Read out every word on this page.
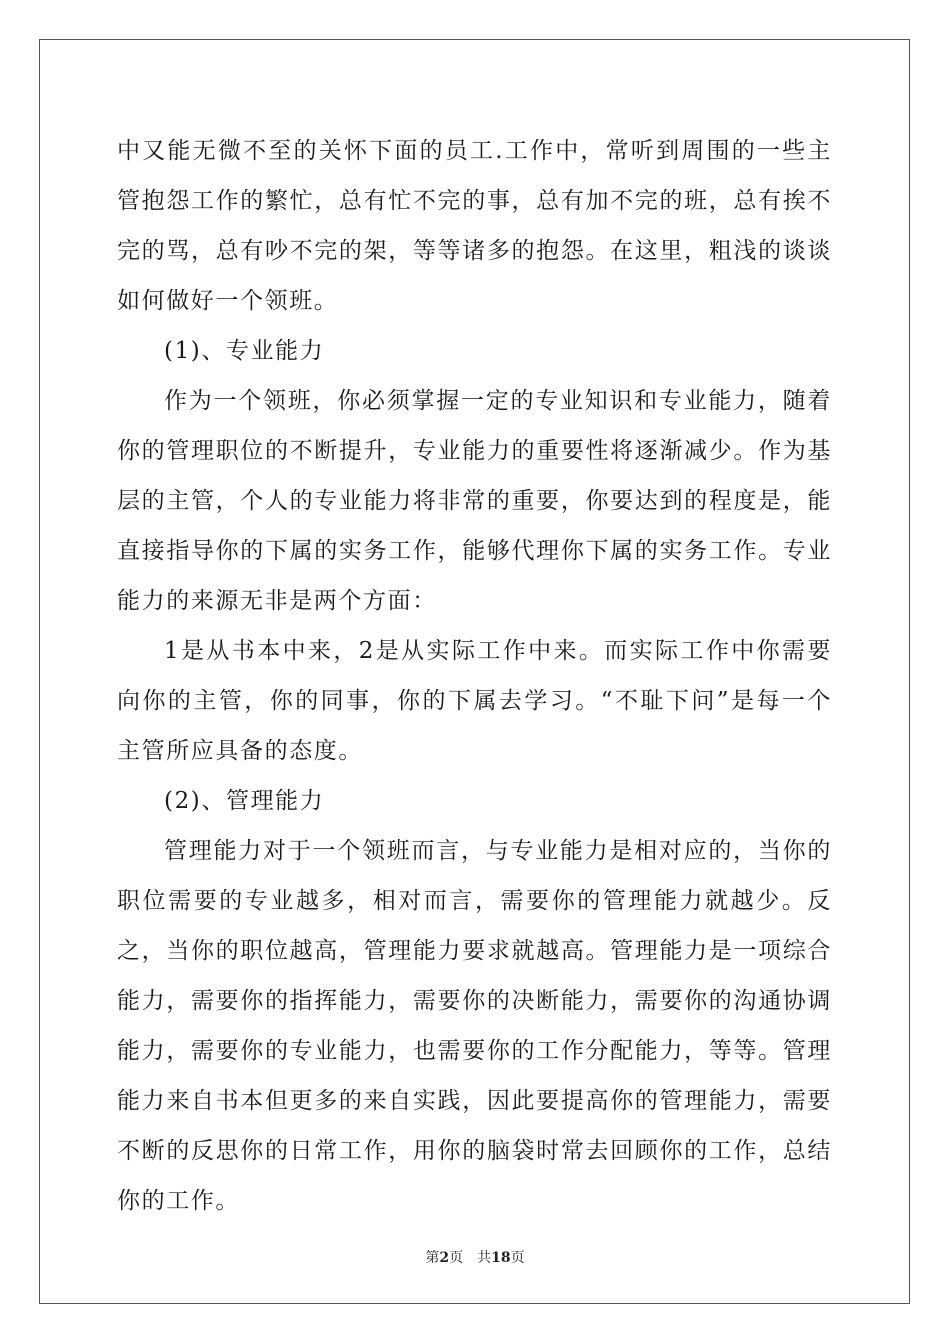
中又能无微不至的关怀下面的员工.工作中，常听到周围的一些主管抱怨工作的繁忙，总有忙不完的事，总有加不完的班，总有挨不完的骂，总有吵不完的架，等等诸多的抱怨。在这里，粗浅的谈谈如何做好一个领班。

(1)、专业能力

作为一个领班，你必须掌握一定的专业知识和专业能力，随着你的管理职位的不断提升，专业能力的重要性将逐渐减少。作为基层的主管，个人的专业能力将非常的重要，你要达到的程度是，能直接指导你的下属的实务工作，能够代理你下属的实务工作。专业能力的来源无非是两个方面：

1是从书本中来，2是从实际工作中来。而实际工作中你需要向你的主管，你的同事，你的下属去学习。“不耻下问”是每一个主管所应具备的态度。

(2)、管理能力

管理能力对于一个领班而言，与专业能力是相对应的，当你的职位需要的专业越多，相对而言，需要你的管理能力就越少。反之，当你的职位越高，管理能力要求就越高。管理能力是一项综合能力，需要你的指挥能力，需要你的决断能力，需要你的沟通协调能力，需要你的专业能力，也需要你的工作分配能力，等等。管理能力来自书本但更多的来自实践，因此要提高你的管理能力，需要不断的反思你的日常工作，用你的脑袋时常去回顾你的工作，总结你的工作。

第2页 共18页
